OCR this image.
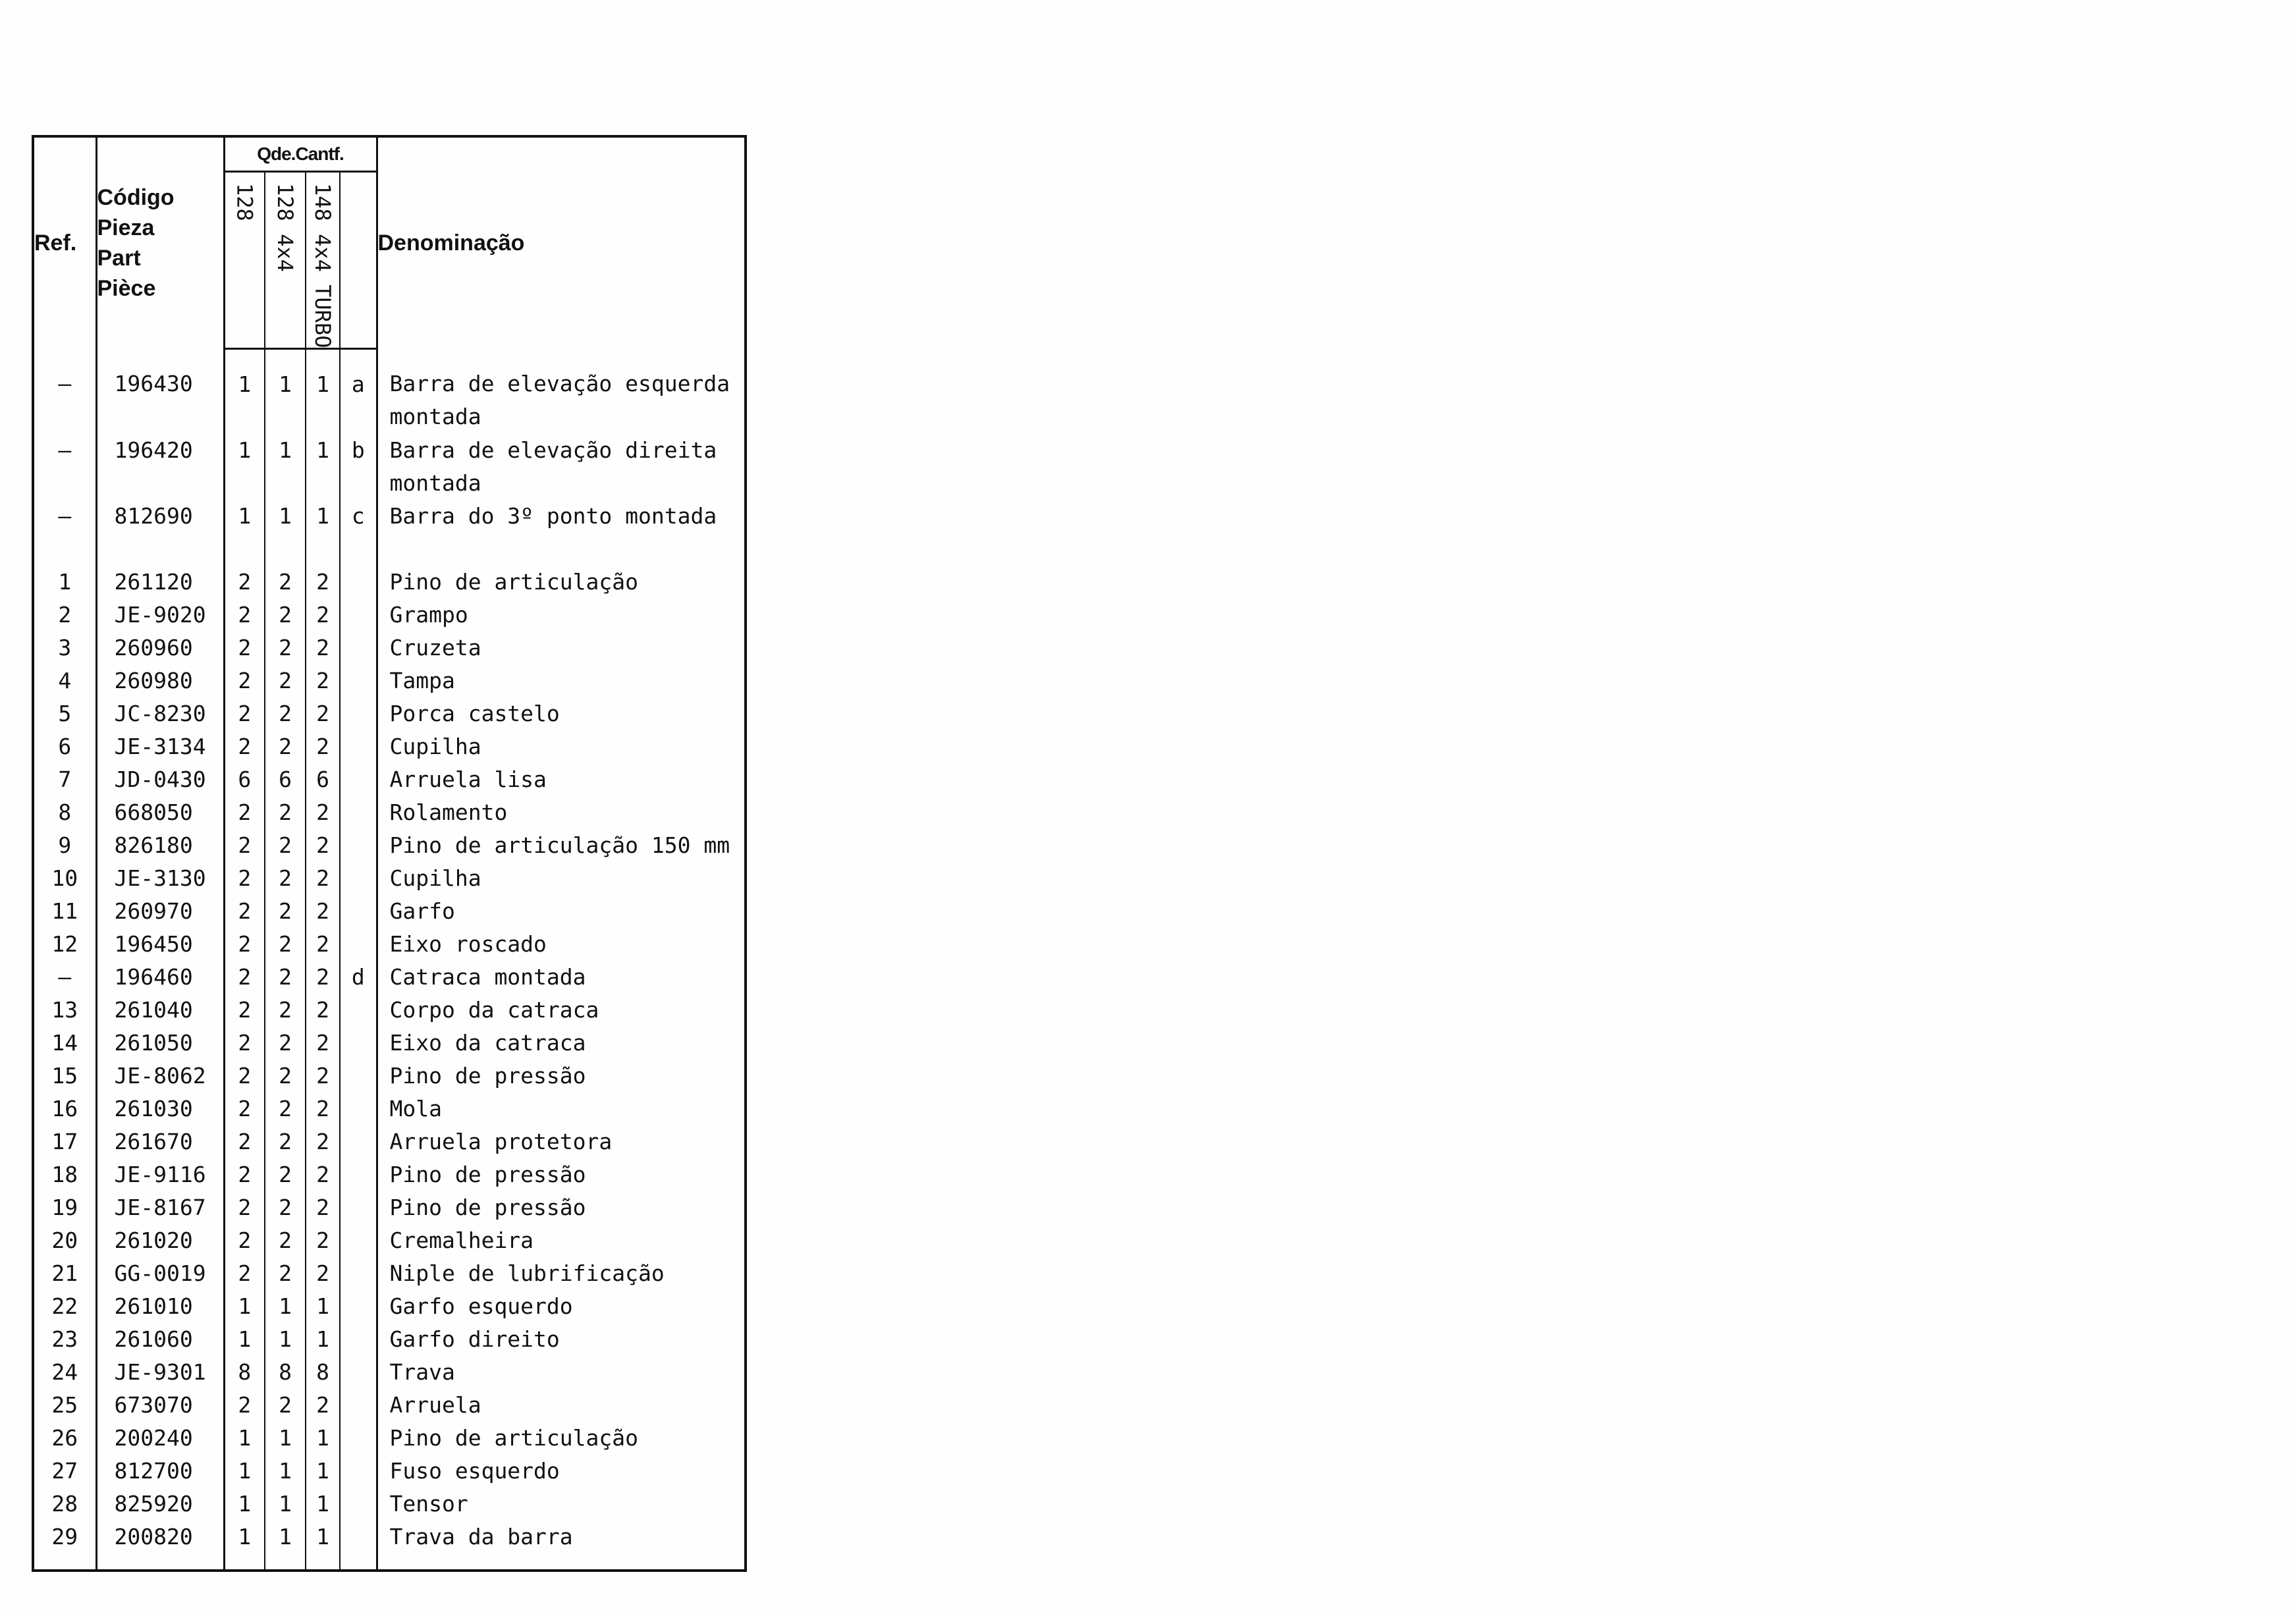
Ref.	Código
Pieza
Part
Pièce	Qde.Cantf.				Denominação

		128	128 4x4	148 4x4 TURBO		

–	196430	1	1	1	a	Barra de elevação esquerda montada
–	196420	1	1	1	b	Barra de elevação direita montada
–	812690	1	1	1	c	Barra do 3º ponto montada

1	261120	2	2	2		Pino de articulação
2	JE-9020	2	2	2		Grampo
3	260960	2	2	2		Cruzeta
4	260980	2	2	2		Tampa
5	JC-8230	2	2	2		Porca castelo
6	JE-3134	2	2	2		Cupilha
7	JD-0430	6	6	6		Arruela lisa
8	668050	2	2	2		Rolamento
9	826180	2	2	2		Pino de articulação 150 mm
10	JE-3130	2	2	2		Cupilha
11	260970	2	2	2		Garfo
12	196450	2	2	2		Eixo roscado
–	196460	2	2	2	d	Catraca montada
13	261040	2	2	2		Corpo da catraca
14	261050	2	2	2		Eixo da catraca
15	JE-8062	2	2	2		Pino de pressão
16	261030	2	2	2		Mola
17	261670	2	2	2		Arruela protetora
18	JE-9116	2	2	2		Pino de pressão
19	JE-8167	2	2	2		Pino de pressão
20	261020	2	2	2		Cremalheira
21	GG-0019	2	2	2		Niple de lubrificação
22	261010	1	1	1		Garfo esquerdo
23	261060	1	1	1		Garfo direito
24	JE-9301	8	8	8		Trava
25	673070	2	2	2		Arruela
26	200240	1	1	1		Pino de articulação
27	812700	1	1	1		Fuso esquerdo
28	825920	1	1	1		Tensor
29	200820	1	1	1		Trava da barra
